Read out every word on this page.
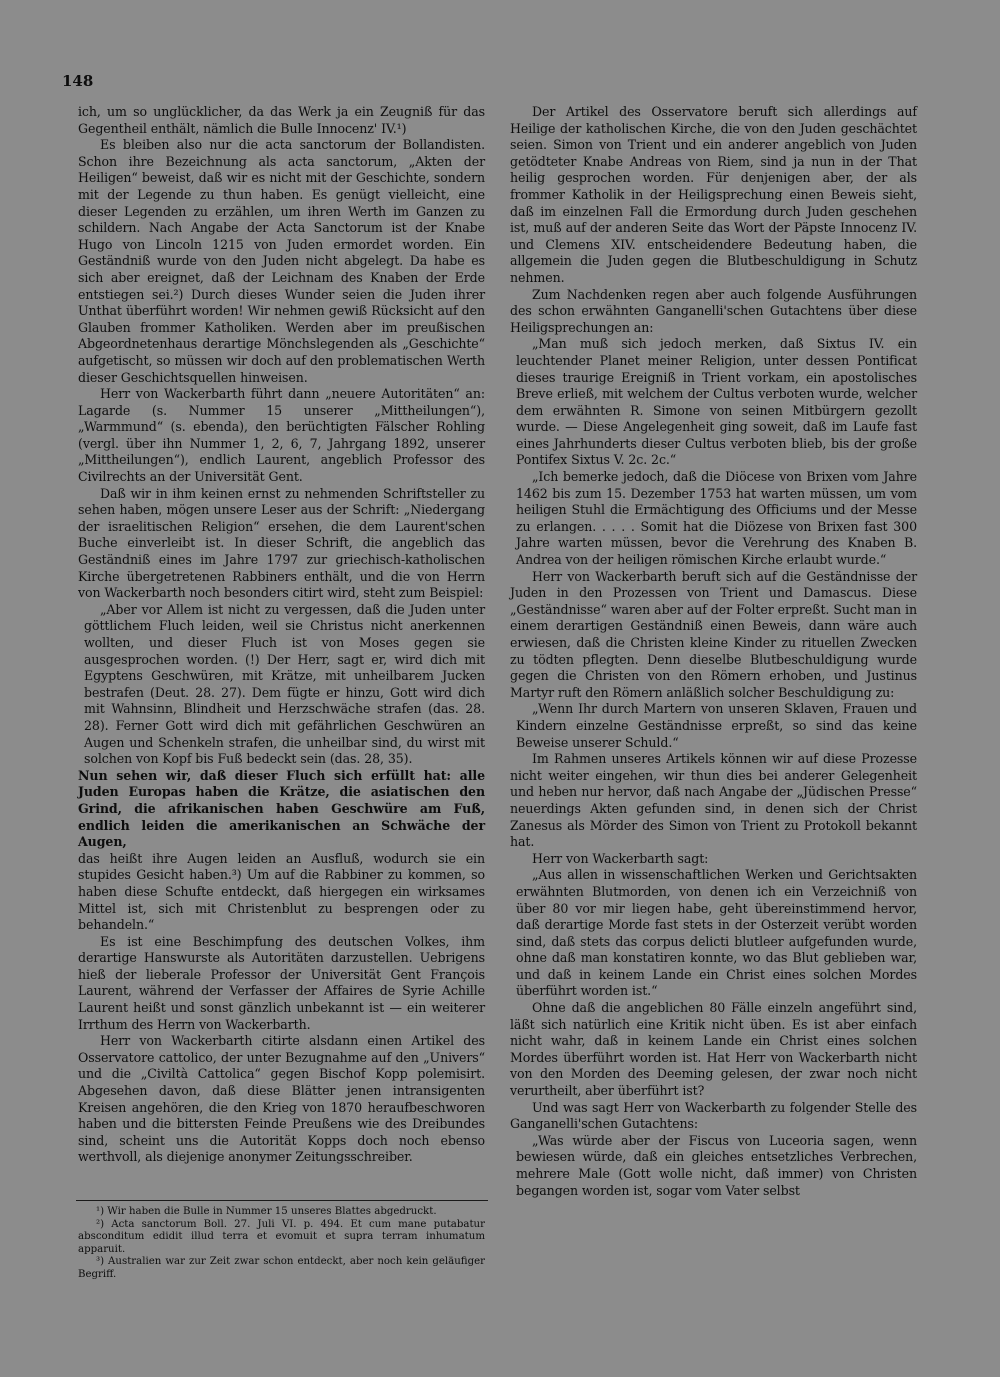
148

ich, um so unglücklicher, da das Werk ja ein Zeugniß für das Gegentheil enthält, nämlich die Bulle Innocenz' IV.¹)

Es bleiben also nur die acta sanctorum der Bollandisten. Schon ihre Bezeichnung als acta sanctorum, „Akten der Heiligen“ beweist, daß wir es nicht mit der Geschichte, sondern mit der Legende zu thun haben. Es genügt vielleicht, eine dieser Legenden zu erzählen, um ihren Werth im Ganzen zu schildern. Nach Angabe der Acta Sanctorum ist der Knabe Hugo von Lincoln 1215 von Juden ermordet worden. Ein Geständniß wurde von den Juden nicht abgelegt. Da habe es sich aber ereignet, daß der Leichnam des Knaben der Erde entstiegen sei.²) Durch dieses Wunder seien die Juden ihrer Unthat überführt worden! Wir nehmen gewiß Rücksicht auf den Glauben frommer Katholiken. Werden aber im preußischen Abgeordnetenhaus derartige Mönchslegenden als „Geschichte“ aufgetischt, so müssen wir doch auf den problematischen Werth dieser Geschichtsquellen hinweisen.

Herr von Wackerbarth führt dann „neuere Autoritäten“ an: Lagarde (s. Nummer 15 unserer „Mittheilungen“), „Warmmund“ (s. ebenda), den berüchtigten Fälscher Rohling (vergl. über ihn Nummer 1, 2, 6, 7, Jahrgang 1892, unserer „Mittheilungen“), endlich Laurent, angeblich Professor des Civilrechts an der Universität Gent.

Daß wir in ihm keinen ernst zu nehmenden Schriftsteller zu sehen haben, mögen unsere Leser aus der Schrift: „Niedergang der israelitischen Religion“ ersehen, die dem Laurent'schen Buche einverleibt ist. In dieser Schrift, die angeblich das Geständniß eines im Jahre 1797 zur griechisch-katholischen Kirche übergetretenen Rabbiners enthält, und die von Herrn von Wackerbarth noch besonders citirt wird, steht zum Beispiel:

„Aber vor Allem ist nicht zu vergessen, daß die Juden unter göttlichem Fluch leiden, weil sie Christus nicht anerkennen wollten, und dieser Fluch ist von Moses gegen sie ausgesprochen worden. (!) Der Herr, sagt er, wird dich mit Egyptens Geschwüren, mit Krätze, mit unheilbarem Jucken bestrafen (Deut. 28. 27). Dem fügte er hinzu, Gott wird dich mit Wahnsinn, Blindheit und Herzschwäche strafen (das. 28. 28). Ferner Gott wird dich mit gefährlichen Geschwüren an Augen und Schenkeln strafen, die unheilbar sind, du wirst mit solchen von Kopf bis Fuß bedeckt sein (das. 28, 35).

Nun sehen wir, daß dieser Fluch sich erfüllt hat: alle Juden Europas haben die Krätze, die asiatischen den Grind, die afrikanischen haben Geschwüre am Fuß, endlich leiden die amerikanischen an Schwäche der Augen,

das heißt ihre Augen leiden an Ausfluß, wodurch sie ein stupides Gesicht haben.³) Um auf die Rabbiner zu kommen, so haben diese Schufte entdeckt, daß hiergegen ein wirksames Mittel ist, sich mit Christenblut zu besprengen oder zu behandeln.“

Es ist eine Beschimpfung des deutschen Volkes, ihm derartige Hanswurste als Autoritäten darzustellen. Uebrigens hieß der lieberale Professor der Universität Gent François Laurent, während der Verfasser der Affaires de Syrie Achille Laurent heißt und sonst gänzlich unbekannt ist — ein weiterer Irrthum des Herrn von Wackerbarth.

Herr von Wackerbarth citirte alsdann einen Artikel des Osservatore cattolico, der unter Bezugnahme auf den „Univers“ und die „Civiltà Cattolica“ gegen Bischof Kopp polemisirt. Abgesehen davon, daß diese Blätter jenen intransigenten Kreisen angehören, die den Krieg von 1870 heraufbeschworen haben und die bittersten Feinde Preußens wie des Dreibundes sind, scheint uns die Autorität Kopps doch noch ebenso werthvoll, als diejenige anonymer Zeitungsschreiber.

Der Artikel des Osservatore beruft sich allerdings auf Heilige der katholischen Kirche, die von den Juden geschächtet seien. Simon von Trient und ein anderer angeblich von Juden getödteter Knabe Andreas von Riem, sind ja nun in der That heilig gesprochen worden. Für denjenigen aber, der als frommer Katholik in der Heiligsprechung einen Beweis sieht, daß im einzelnen Fall die Ermordung durch Juden geschehen ist, muß auf der anderen Seite das Wort der Päpste Innocenz IV. und Clemens XIV. entscheidendere Bedeutung haben, die allgemein die Juden gegen die Blutbeschuldigung in Schutz nehmen.

Zum Nachdenken regen aber auch folgende Ausführungen des schon erwähnten Ganganelli'schen Gutachtens über diese Heiligsprechungen an:

„Man muß sich jedoch merken, daß Sixtus IV. ein leuchtender Planet meiner Religion, unter dessen Pontificat dieses traurige Ereigniß in Trient vorkam, ein apostolisches Breve erließ, mit welchem der Cultus verboten wurde, welcher dem erwähnten R. Simone von seinen Mitbürgern gezollt wurde. — Diese Angelegenheit ging soweit, daß im Laufe fast eines Jahrhunderts dieser Cultus verboten blieb, bis der große Pontifex Sixtus V. 2c. 2c.“

„Ich bemerke jedoch, daß die Diöcese von Brixen vom Jahre 1462 bis zum 15. Dezember 1753 hat warten müssen, um vom heiligen Stuhl die Ermächtigung des Officiums und der Messe zu erlangen. . . . . Somit hat die Diözese von Brixen fast 300 Jahre warten müssen, bevor die Verehrung des Knaben B. Andrea von der heiligen römischen Kirche erlaubt wurde.“

Herr von Wackerbarth beruft sich auf die Geständnisse der Juden in den Prozessen von Trient und Damascus. Diese „Geständnisse“ waren aber auf der Folter erpreßt. Sucht man in einem derartigen Geständniß einen Beweis, dann wäre auch erwiesen, daß die Christen kleine Kinder zu rituellen Zwecken zu tödten pflegten. Denn dieselbe Blutbeschuldigung wurde gegen die Christen von den Römern erhoben, und Justinus Martyr ruft den Römern anläßlich solcher Beschuldigung zu:

„Wenn Ihr durch Martern von unseren Sklaven, Frauen und Kindern einzelne Geständnisse erpreßt, so sind das keine Beweise unserer Schuld.“

Im Rahmen unseres Artikels können wir auf diese Prozesse nicht weiter eingehen, wir thun dies bei anderer Gelegenheit und heben nur hervor, daß nach Angabe der „Jüdischen Presse“ neuerdings Akten gefunden sind, in denen sich der Christ Zanesus als Mörder des Simon von Trient zu Protokoll bekannt hat.

Herr von Wackerbarth sagt:

„Aus allen in wissenschaftlichen Werken und Gerichtsakten erwähnten Blutmorden, von denen ich ein Verzeichniß von über 80 vor mir liegen habe, geht übereinstimmend hervor, daß derartige Morde fast stets in der Osterzeit verübt worden sind, daß stets das corpus delicti blutleer aufgefunden wurde, ohne daß man konstatiren konnte, wo das Blut geblieben war, und daß in keinem Lande ein Christ eines solchen Mordes überführt worden ist.“

Ohne daß die angeblichen 80 Fälle einzeln angeführt sind, läßt sich natürlich eine Kritik nicht üben. Es ist aber einfach nicht wahr, daß in keinem Lande ein Christ eines solchen Mordes überführt worden ist. Hat Herr von Wackerbarth nicht von den Morden des Deeming gelesen, der zwar noch nicht verurtheilt, aber überführt ist?

Und was sagt Herr von Wackerbarth zu folgender Stelle des Ganganelli'schen Gutachtens:

„Was würde aber der Fiscus von Luceoria sagen, wenn bewiesen würde, daß ein gleiches entsetzliches Verbrechen, mehrere Male (Gott wolle nicht, daß immer) von Christen begangen worden ist, sogar vom Vater selbst

¹) Wir haben die Bulle in Nummer 15 unseres Blattes abgedruckt.

²) Acta sanctorum Boll. 27. Juli VI. p. 494. Et cum mane putabatur absconditum edidit illud terra et evomuit et supra terram inhumatum apparuit.

³) Australien war zur Zeit zwar schon entdeckt, aber noch kein geläufiger Begriff.
